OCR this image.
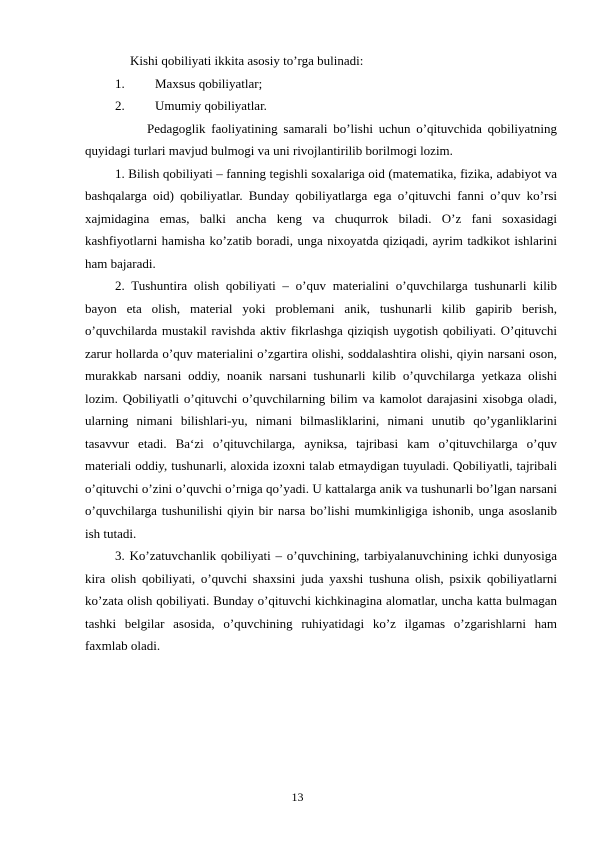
Kishi qobiliyati ikkita asosiy to’rga bulinadi:

1.	Maxsus qobiliyatlar;
2.	Umumiy qobiliyatlar.

Pedagoglik faoliyatining samarali bo’lishi uchun o’qituvchida qobiliyatning quyidagi turlari mavjud bulmogi va uni rivojlantirilib borilmogi lozim.

1. Bilish qobiliyati – fanning tegishli soxalariga oid (matematika, fizika, adabiyot va bashqalarga oid) qobiliyatlar. Bunday qobiliyatlarga ega o’qituvchi fanni o’quv ko’rsi xajmidagina emas, balki ancha keng va chuqurrok biladi. O’z fani soxasidagi kashfiyotlarni hamisha ko’zatib boradi, unga nixoyatda qiziqadi, ayrim tadkikot ishlarini ham bajaradi.

2. Tushuntira olish qobiliyati – o’quv materialini o’quvchilarga tushunarli kilib bayon eta olish, material yoki problemani anik, tushunarli kilib gapirib berish, o’quvchilarda mustakil ravishda aktiv fikrlashga qiziqish uygotish qobiliyati. O’qituvchi zarur hollarda o’quv materialini o’zgartira olishi, soddalashtira olishi, qiyin narsani oson, murakkab narsani oddiy, noanik narsani tushunarli kilib o’quvchilarga yetkaza olishi lozim. Qobiliyatli o’qituvchi o’quvchilarning bilim va kamolot darajasini xisobga oladi, ularning nimani bilishlari-yu, nimani bilmasliklarini, nimani unutib qo’yganliklarini tasavvur etadi. Ba‘zi o’qituvchilarga, ayniksa, tajribasi kam o’qituvchilarga o’quv materiali oddiy, tushunarli, aloxida izoxni talab etmaydigan tuyuladi. Qobiliyatli, tajribali o’qituvchi o’zini o’quvchi o’rniga qo’yadi. U kattalarga anik va tushunarli bo’lgan narsani o’quvchilarga tushunilishi qiyin bir narsa bo’lishi mumkinligiga ishonib, unga asoslanib ish tutadi.

3. Ko’zatuvchanlik qobiliyati – o’quvchining, tarbiyalanuvchining ichki dunyosiga kira olish qobiliyati, o’quvchi shaxsini juda yaxshi tushuna olish, psixik qobiliyatlarni ko’zata olish qobiliyati. Bunday o’qituvchi kichkinagina alomatlar, uncha katta bulmagan tashki belgilar asosida, o’quvchining ruhiyatidagi ko’z ilgamas o’zgarishlarni ham faxmlab oladi.

13
